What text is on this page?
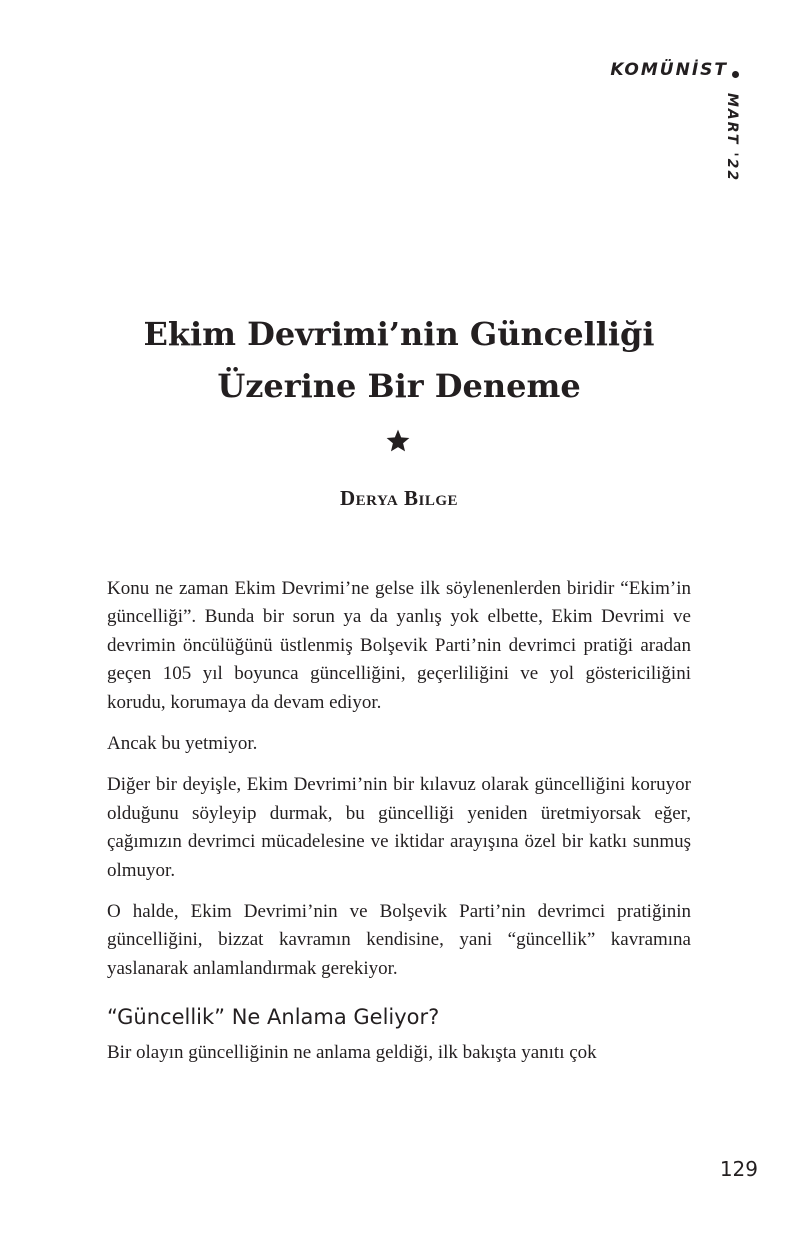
KOMÜNİST
MART '22
Ekim Devrimi’nin Güncelliği
Üzerine Bir Deneme
Derya Bilge

Konu ne zaman Ekim Devrimi’ne gelse ilk söylenenlerden biridir “Ekim’in güncelliği”. Bunda bir sorun ya da yanlış yok elbette, Ekim Devrimi ve devrimin öncülüğünü üstlenmiş Bolşevik Parti’nin devrimci pratiği aradan geçen 105 yıl boyunca güncelliğini, geçerliliğini ve yol göstericiliğini korudu, korumaya da devam ediyor.

Ancak bu yetmiyor.

Diğer bir deyişle, Ekim Devrimi’nin bir kılavuz olarak güncelliğini koruyor olduğunu söyleyip durmak, bu güncelliği yeniden üretmiyorsak eğer, çağımızın devrimci mücadelesine ve iktidar arayışına özel bir katkı sunmuş olmuyor.

O halde, Ekim Devrimi’nin ve Bolşevik Parti’nin devrimci pratiğinin güncelliğini, bizzat kavramın kendisine, yani “güncellik” kavramına yaslanarak anlamlandırmak gerekiyor.

“Güncellik” Ne Anlama Geliyor?

Bir olayın güncelliğinin ne anlama geldiği, ilk bakışta yanıtı çok

129
